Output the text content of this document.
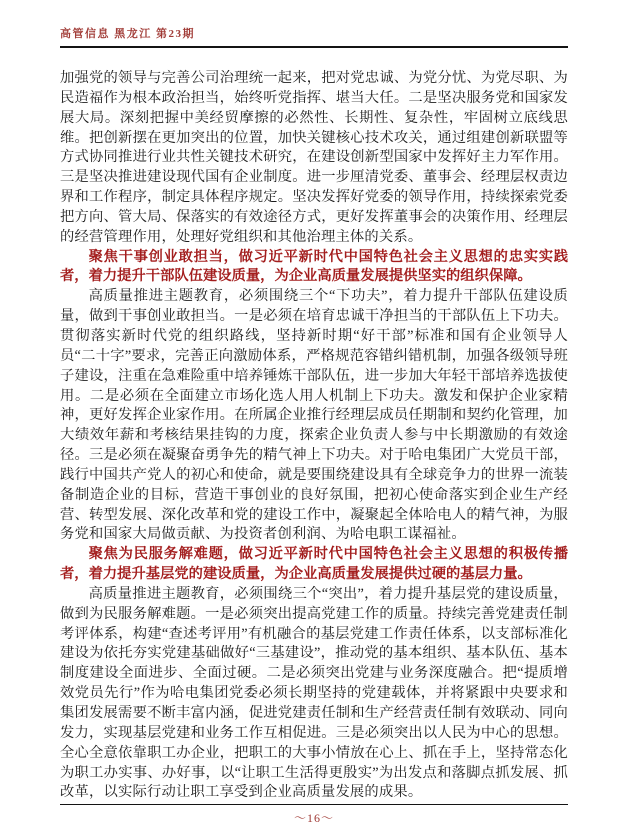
高管信息 黑龙江 第23期

加强党的领导与完善公司治理统一起来，把对党忠诚、为党分忧、为党尽职、为民造福作为根本政治担当，始终听党指挥、堪当大任。二是坚决服务党和国家发展大局。深刻把握中美经贸摩擦的必然性、长期性、复杂性，牢固树立底线思维。把创新摆在更加突出的位置，加快关键核心技术攻关，通过组建创新联盟等方式协同推进行业共性关键技术研究，在建设创新型国家中发挥好主力军作用。三是坚决推进建设现代国有企业制度。进一步厘清党委、董事会、经理层权责边界和工作程序，制定具体程序规定。坚决发挥好党委的领导作用，持续探索党委把方向、管大局、保落实的有效途径方式，更好发挥董事会的决策作用、经理层的经营管理作用，处理好党组织和其他治理主体的关系。

聚焦干事创业敢担当，做习近平新时代中国特色社会主义思想的忠实实践者，着力提升干部队伍建设质量，为企业高质量发展提供坚实的组织保障。

高质量推进主题教育，必须围绕三个“下功夫”，着力提升干部队伍建设质量，做到干事创业敢担当。一是必须在培育忠诚干净担当的干部队伍上下功夫。贯彻落实新时代党的组织路线，坚持新时期“好干部”标准和国有企业领导人员“二十字”要求，完善正向激励体系，严格规范容错纠错机制，加强各级领导班子建设，注重在急难险重中培养锤炼干部队伍，进一步加大年轻干部培养选拔使用。二是必须在全面建立市场化选人用人机制上下功夫。激发和保护企业家精神，更好发挥企业家作用。在所属企业推行经理层成员任期制和契约化管理，加大绩效年薪和考核结果挂钩的力度，探索企业负责人参与中长期激励的有效途径。三是必须在凝聚奋勇争先的精气神上下功夫。对于哈电集团广大党员干部，践行中国共产党人的初心和使命，就是要围绕建设具有全球竞争力的世界一流装备制造企业的目标，营造干事创业的良好氛围，把初心使命落实到企业生产经营、转型发展、深化改革和党的建设工作中，凝聚起全体哈电人的精气神，为服务党和国家大局做贡献、为投资者创利润、为哈电职工谋福祉。

聚焦为民服务解难题，做习近平新时代中国特色社会主义思想的积极传播者，着力提升基层党的建设质量，为企业高质量发展提供过硬的基层力量。

高质量推进主题教育，必须围绕三个“突出”，着力提升基层党的建设质量，做到为民服务解难题。一是必须突出提高党建工作的质量。持续完善党建责任制考评体系，构建“查述考评用”有机融合的基层党建工作责任体系，以支部标准化建设为依托夯实党建基础做好“三基建设”，推动党的基本组织、基本队伍、基本制度建设全面进步、全面过硬。二是必须突出党建与业务深度融合。把“提质增效党员先行”作为哈电集团党委必须长期坚持的党建载体，并将紧跟中央要求和集团发展需要不断丰富内涵，促进党建责任制和生产经营责任制有效联动、同向发力，实现基层党建和业务工作互相促进。三是必须突出以人民为中心的思想。全心全意依靠职工办企业，把职工的大事小情放在心上、抓在手上，坚持常态化为职工办实事、办好事，以“让职工生活得更殷实”为出发点和落脚点抓发展、抓改革，以实际行动让职工享受到企业高质量发展的成果。

～16～
